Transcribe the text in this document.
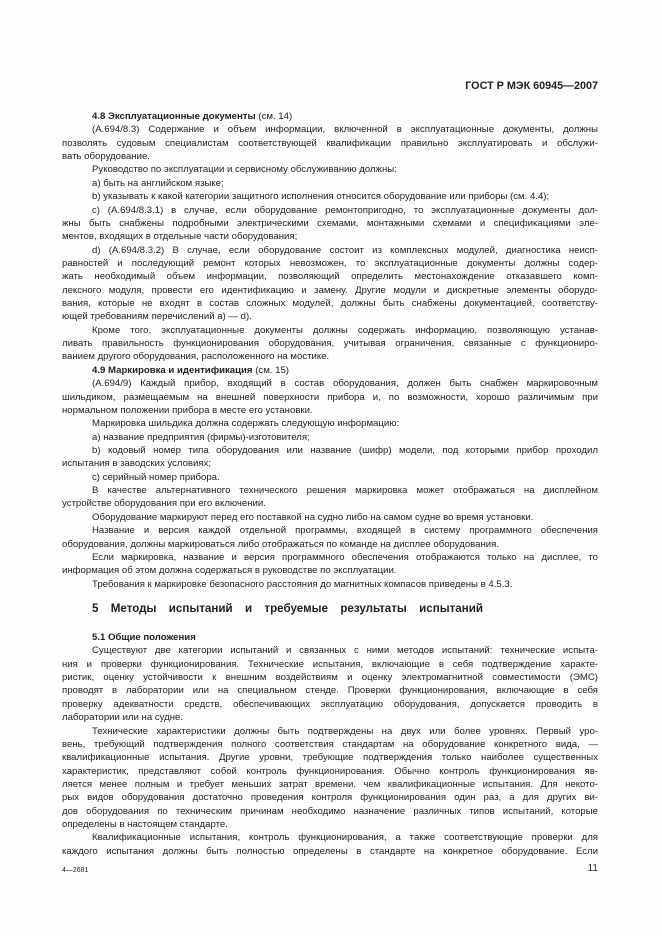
ГОСТ Р МЭК 60945—2007
4.8 Эксплуатационные документы (см. 14)
(А.694/8.3) Содержание и объем информации, включенной в эксплуатационные документы, должны
позволять судовым специалистам соответствующей квалификации правильно эксплуатировать и обслужи-
вать оборудование.
Руководство по эксплуатации и сервисному обслуживанию должны:
а) быть на английском языке;
b) указывать к какой категории защитного исполнения относится оборудование или приборы (см. 4.4);
с) (А.694/8.3.1) в случае, если оборудование ремонтопригодно, то эксплуатационные документы дол-
жны быть снабжены подробными электрическими схемами, монтажными схемами и спецификациями эле-
ментов, входящих в отдельные части оборудования;
d) (А.694/8.3.2) В случае, если оборудование состоит из комплексных модулей, диагностика неисп-
равностей и последующий ремонт которых невозможен, то эксплуатационные документы должны содер-
жать необходимый объем информации, позволяющий определить местонахождение отказавшего комп-
лексного модуля, провести его идентификацию и замену. Другие модули и дискретные элементы оборудо-
вания, которые не входят в состав сложных модулей, должны быть снабжены документацией, соответству-
ющей требованиям перечислений а) — d).
Кроме того, эксплуатационные документы должны содержать информацию, позволяющую устанав-
ливать правильность функционирования оборудования, учитывая ограничения, связанные с функциониро-
ванием другого оборудования, расположенного на мостике.
4.9 Маркировка и идентификация (см. 15)
(А.694/9) Каждый прибор, входящий в состав оборудования, должен быть снабжен маркировочным
шильдиком, размещаемым на внешней поверхности прибора и, по возможности, хорошо различимым при
нормальном положении прибора в месте его установки.
Маркировка шильдика должна содержать следующую информацию:
а) название предприятия (фирмы)-изготовителя;
b) кодовый номер типа оборудования или название (шифр) модели, под которыми прибор проходил
испытания в заводских условиях;
с) серийный номер прибора.
В качестве альтернативного технического решения маркировка может отображаться на дисплейном
устройстве оборудования при его включении.
Оборудование маркируют перед его поставкой на судно либо на самом судне во время установки.
Название и версия каждой отдельной программы, входящей в систему программного обеспечения
оборудования, должны маркироваться либо отображаться по команде на дисплее оборудования.
Если маркировка, название и версия программного обеспечения отображаются только на дисплее, то
информация об этом должна содержаться в руководстве по эксплуатации.
Требования к маркировке безопасного расстояния до магнитных компасов приведены в 4.5.3.
5 Методы испытаний и требуемые результаты испытаний
5.1 Общие положения
Существуют две категории испытаний и связанных с ними методов испытаний: технические испыта-
ния и проверки функционирования. Технические испытания, включающие в себя подтверждение характе-
ристик, оценку устойчивости к внешним воздействиям и оценку электромагнитной совместимости (ЭМС)
проводят в лаборатории или на специальном стенде. Проверки функционирования, включающие в себя
проверку адекватности средств, обеспечивающих эксплуатацию оборудования, допускается проводить в
лаборатории или на судне.
Технические характеристики должны быть подтверждены на двух или более уровнях. Первый уро-
вень, требующий подтверждения полного соответствия стандартам на оборудование конкретного вида, —
квалификационные испытания. Другие уровни, требующие подтверждения только наиболее существенных
характеристик, представляют собой контроль функционирования. Обычно контроль функционирования яв-
ляется менее полным и требует меньших затрат времени, чем квалификационные испытания. Для некото-
рых видов оборудования достаточно проведения контроля функционирования один раз, а для других ви-
дов оборудования по техническим причинам необходимо назначение различных типов испытаний, которые
определены в настоящем стандарте.
Квалификационные испытания, контроль функционирования, а также соответствующие проверки для
каждого испытания должны быть полностью определены в стандарте на конкретное оборудование. Если
4—2681	11
